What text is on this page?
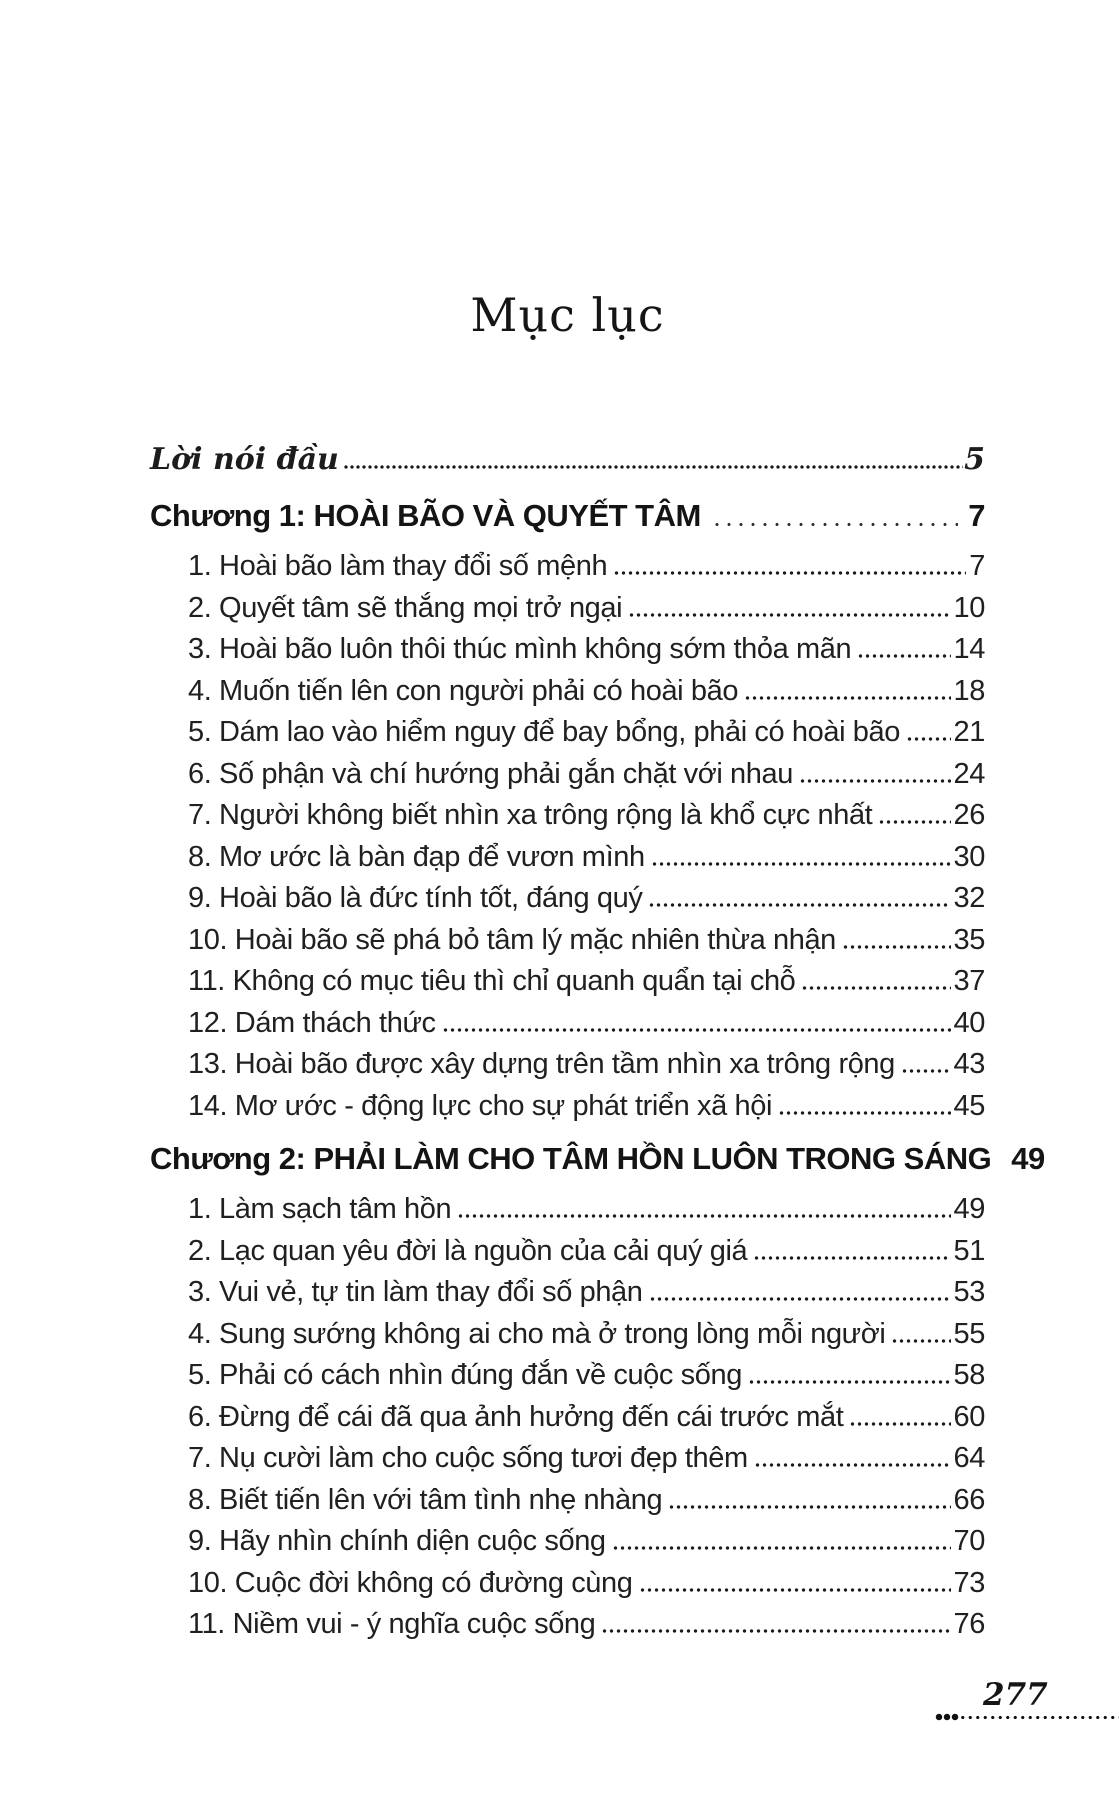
Mục lục
Lời nói đầu	5
Chương 1: HOÀI BÃO VÀ QUYẾT TÂM	7
1. Hoài bão làm thay đổi số mệnh	7
2. Quyết tâm sẽ thắng mọi trở ngại	10
3. Hoài bão luôn thôi thúc mình không sớm thỏa mãn	14
4. Muốn tiến lên con người phải có hoài bão	18
5. Dám lao vào hiểm nguy để bay bổng, phải có hoài bão 21
6. Số phận và chí hướng phải gắn chặt với nhau	24
7. Người không biết nhìn xa trông rộng là khổ cực nhất	26
8. Mơ ước là bàn đạp để vươn mình	30
9. Hoài bão là đức tính tốt, đáng quý	32
10. Hoài bão sẽ phá bỏ tâm lý mặc nhiên thừa nhận	35
11. Không có mục tiêu thì chỉ quanh quẩn tại chỗ	37
12. Dám thách thức	40
13. Hoài bão được xây dựng trên tầm nhìn xa trông rộng 43
14. Mơ ước - động lực cho sự phát triển xã hội	45
Chương 2: PHẢI LÀM CHO TÂM HỒN LUÔN TRONG SÁNG 49
1. Làm sạch tâm hồn	49
2. Lạc quan yêu đời là nguồn của cải quý giá	51
3. Vui vẻ, tự tin làm thay đổi số phận	53
4. Sung sướng không ai cho mà ở trong lòng mỗi người 55
5. Phải có cách nhìn đúng đắn về cuộc sống	58
6. Đừng để cái đã qua ảnh hưởng đến cái trước mắt	60
7. Nụ cười làm cho cuộc sống tươi đẹp thêm	64
8. Biết tiến lên với tâm tình nhẹ nhàng	66
9. Hãy nhìn chính diện cuộc sống	70
10. Cuộc đời không có đường cùng	73
11. Niềm vui - ý nghĩa cuộc sống	76
277
